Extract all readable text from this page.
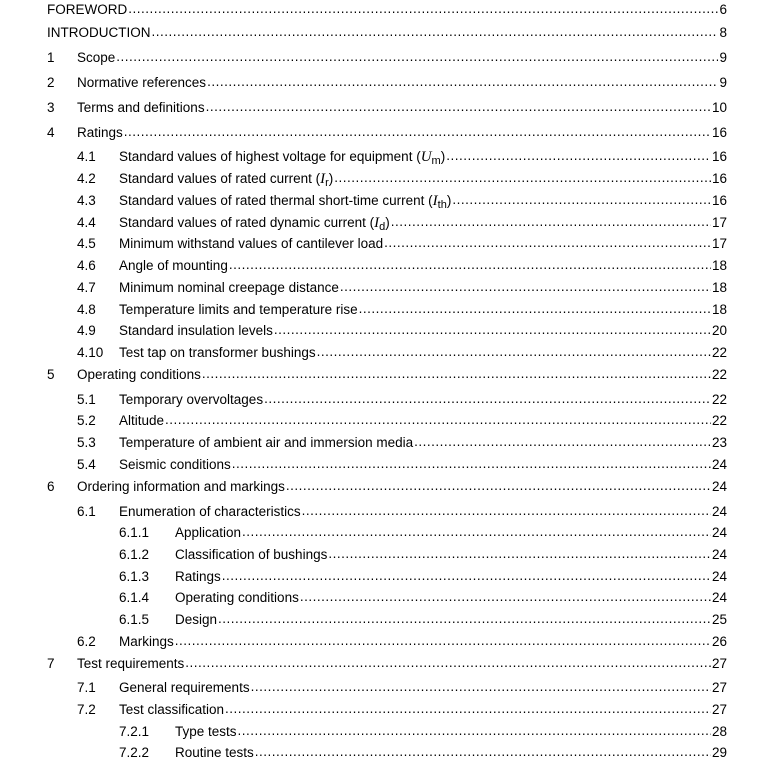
FOREWORD .....	6
INTRODUCTION .....	8
1	Scope .....	9
2	Normative references .....	9
3	Terms and definitions .....	10
4	Ratings .....	16
4.1	Standard values of highest voltage for equipment $(U_m)$ .....	16
4.2	Standard values of rated current $(I_r)$ .....	16
4.3	Standard values of rated thermal short-time current $(I_{th})$ .....	16
4.4	Standard values of rated dynamic current $(I_d)$ .....	17
4.5	Minimum withstand values of cantilever load .....	17
4.6	Angle of mounting .....	18
4.7	Minimum nominal creepage distance .....	18
4.8	Temperature limits and temperature rise .....	18
4.9	Standard insulation levels .....	20
4.10	Test tap on transformer bushings .....	22
5	Operating conditions .....	22
5.1	Temporary overvoltages .....	22
5.2	Altitude .....	22
5.3	Temperature of ambient air and immersion media .....	23
5.4	Seismic conditions .....	24
6	Ordering information and markings .....	24
6.1	Enumeration of characteristics .....	24
6.1.1	Application .....	24
6.1.2	Classification of bushings .....	24
6.1.3	Ratings .....	24
6.1.4	Operating conditions .....	24
6.1.5	Design .....	25
6.2	Markings .....	26
7	Test requirements .....	27
7.1	General requirements .....	27
7.2	Test classification .....	27
7.2.1	Type tests .....	28
7.2.2	Routine tests .....	29
